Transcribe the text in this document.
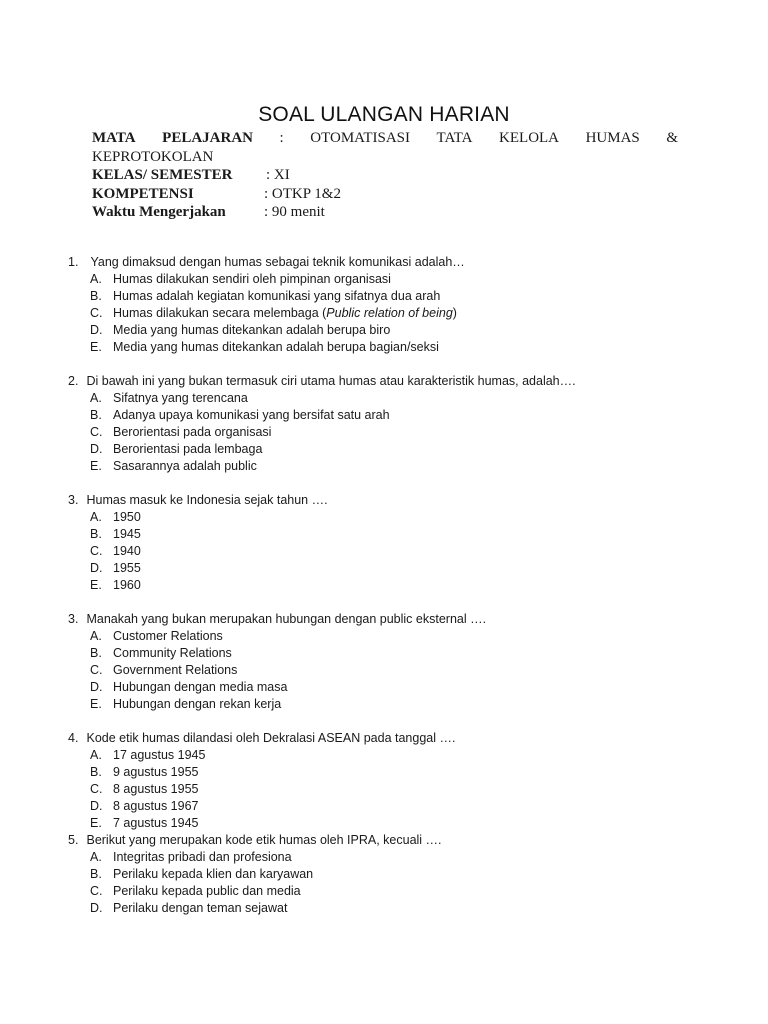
SOAL ULANGAN HARIAN
MATA PELAJARAN : OTOMATISASI TATA KELOLA HUMAS &
KEPROTOKOLAN
KELAS/ SEMESTER : XI
KOMPETENSI	: OTKP 1&2
Waktu Mengerjakan	: 90 menit
1. Yang dimaksud dengan humas sebagai teknik komunikasi adalah…
A. Humas dilakukan sendiri oleh pimpinan organisasi
B. Humas adalah kegiatan komunikasi yang sifatnya dua arah
C. Humas dilakukan secara melembaga (Public relation of being)
D. Media yang humas ditekankan adalah berupa biro
E. Media yang humas ditekankan adalah berupa bagian/seksi
2. Di bawah ini yang bukan termasuk ciri utama humas atau karakteristik humas, adalah….
A. Sifatnya yang terencana
B. Adanya upaya komunikasi yang bersifat satu arah
C. Berorientasi pada organisasi
D. Berorientasi pada lembaga
E. Sasarannya adalah public
3. Humas masuk ke Indonesia sejak tahun ….
A. 1950
B. 1945
C. 1940
D. 1955
E. 1960
3. Manakah yang bukan merupakan hubungan dengan public eksternal ….
A. Customer Relations
B. Community Relations
C. Government Relations
D. Hubungan dengan media masa
E. Hubungan dengan rekan kerja
4. Kode etik humas dilandasi oleh Dekralasi ASEAN pada tanggal ….
A. 17 agustus 1945
B. 9 agustus 1955
C. 8 agustus 1955
D. 8 agustus 1967
E. 7 agustus 1945
5. Berikut yang merupakan kode etik humas oleh IPRA, kecuali ….
A. Integritas pribadi dan profesiona
B. Perilaku kepada klien dan karyawan
C. Perilaku kepada public dan media
D. Perilaku dengan teman sejawat
